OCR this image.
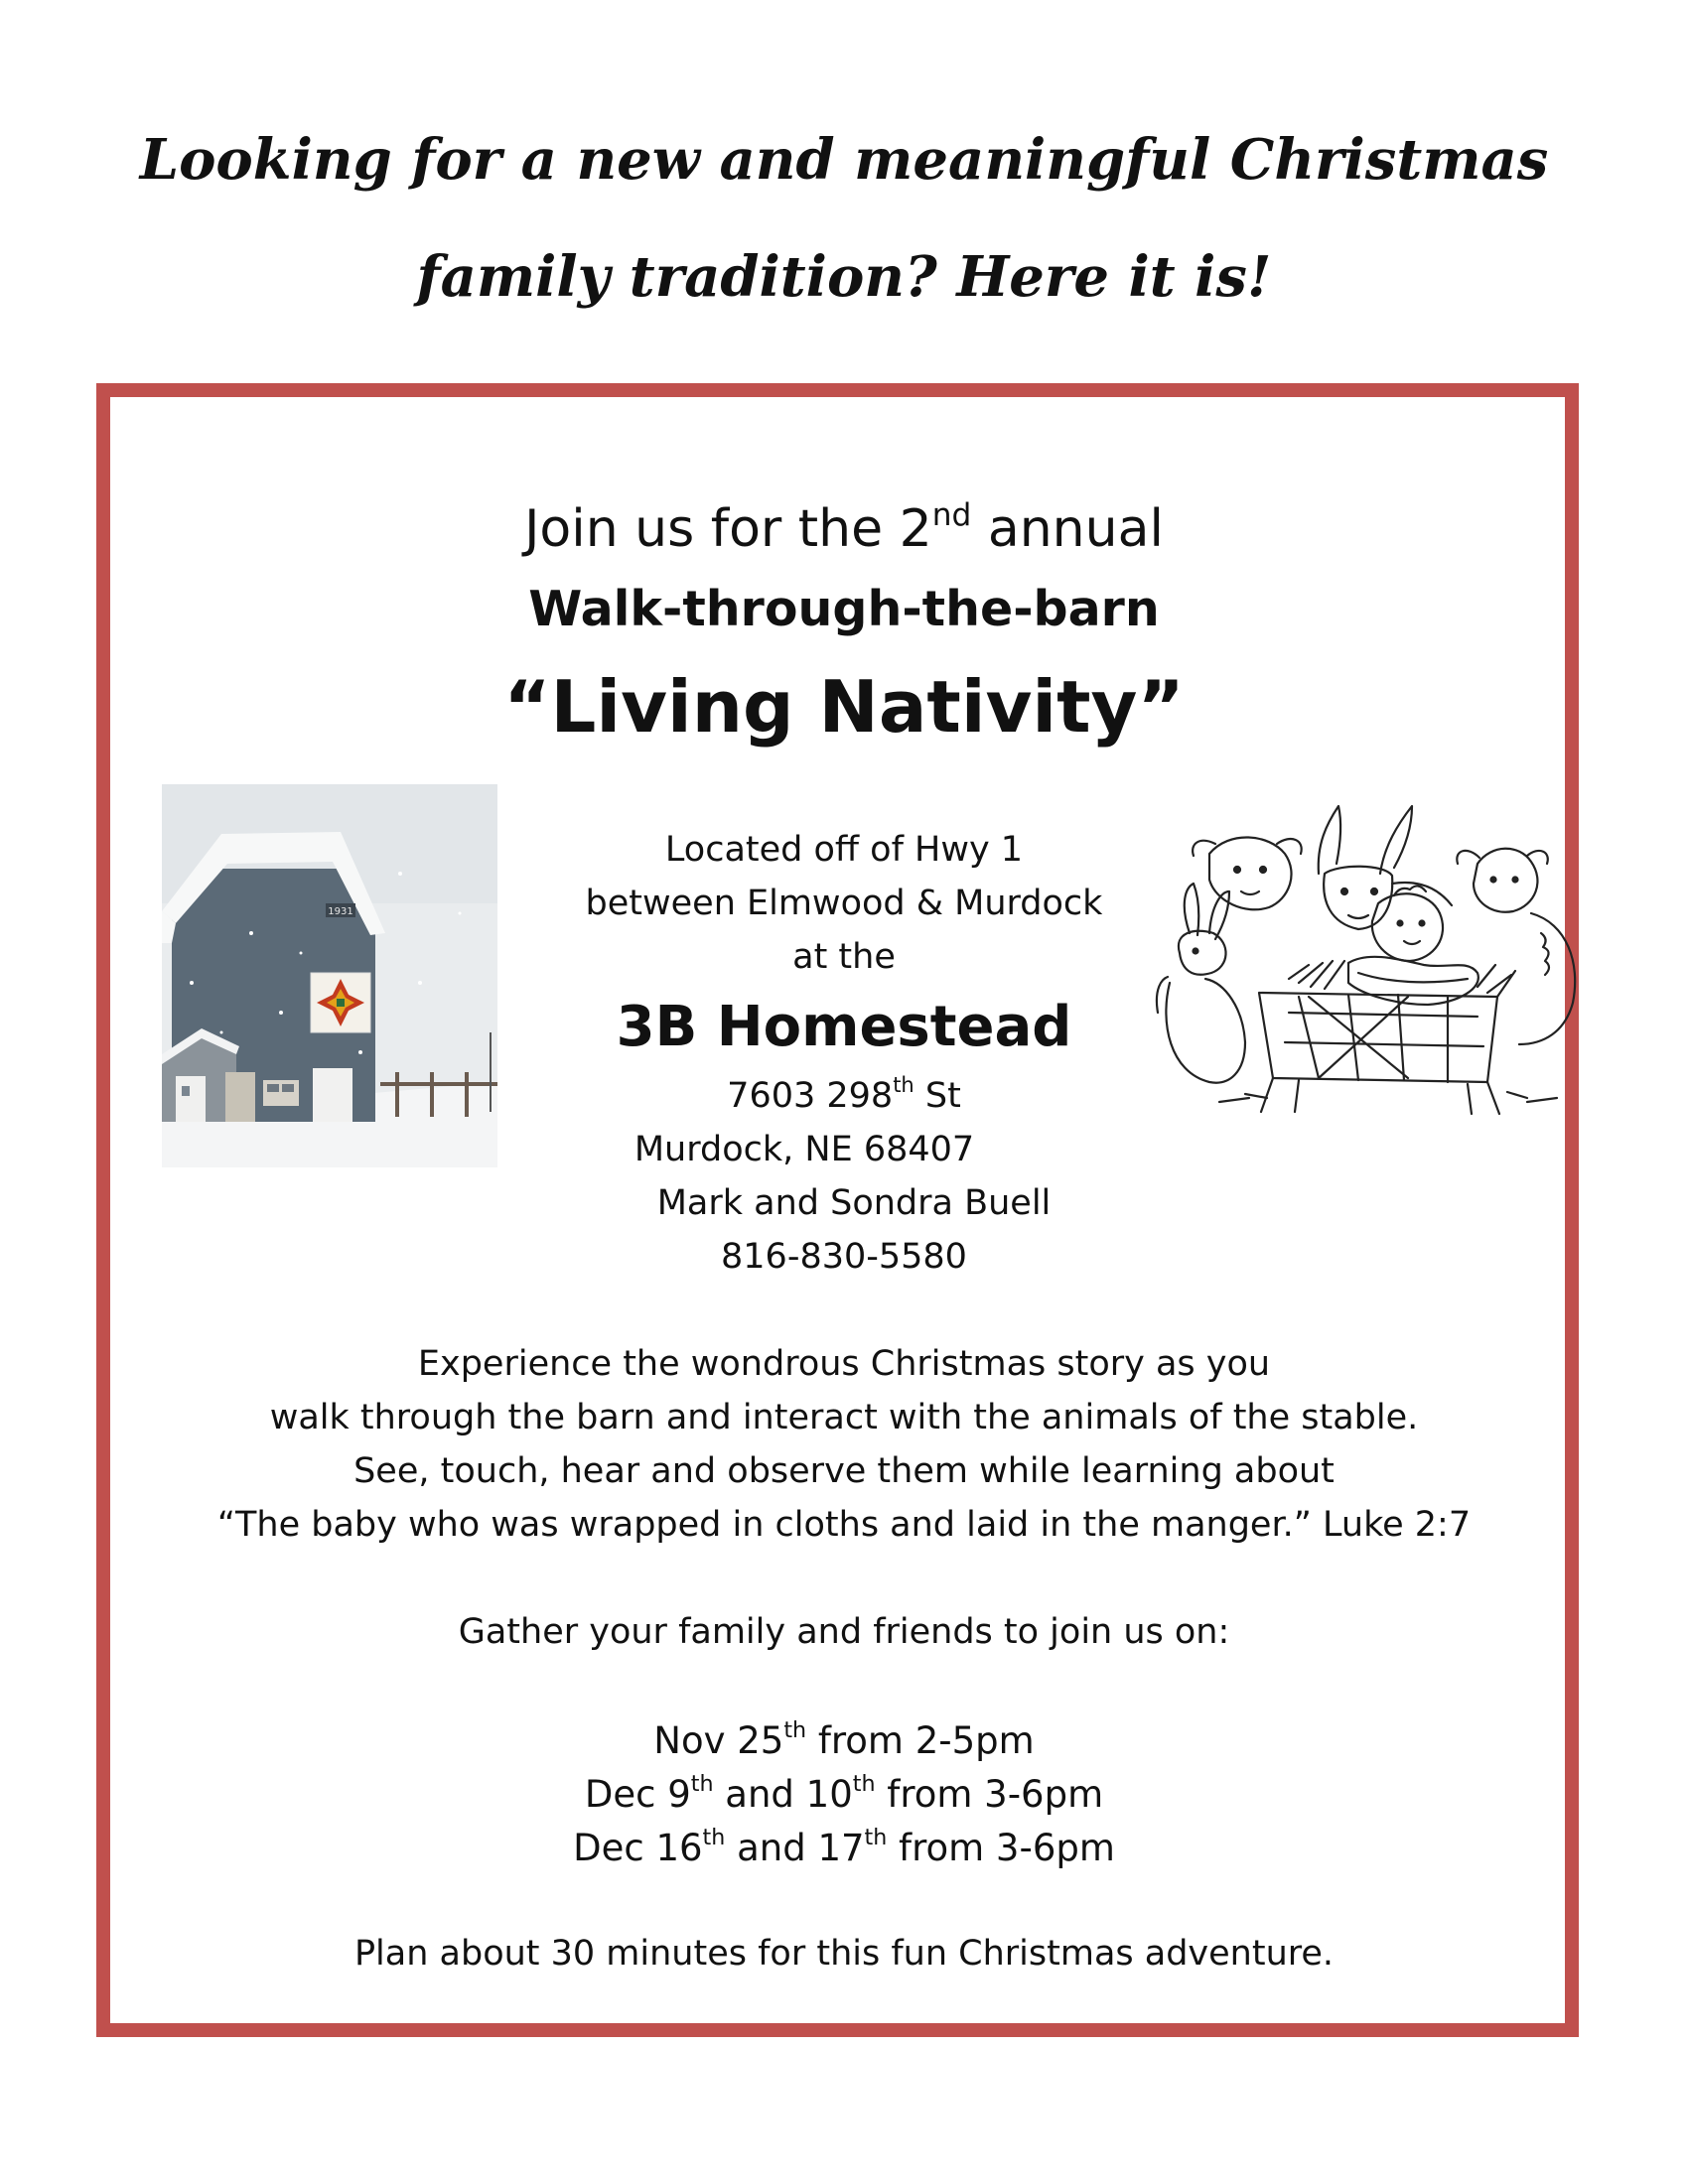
Looking for a new and meaningful Christmas

family tradition? Here it is!

Join us for the 2nd annual

Walk-through-the-barn

“Living Nativity”

1931

Located off of Hwy 1

between Elmwood & Murdock

at the

3B Homestead

7603 298th St

Murdock, NE 68407

Mark and Sondra Buell

816-830-5580

Experience the wondrous Christmas story as you

walk through the barn and interact with the animals of the stable.

See, touch, hear and observe them while learning about

“The baby who was wrapped in cloths and laid in the manger.” Luke 2:7

Gather your family and friends to join us on:

Nov 25th from 2-5pm

Dec 9th and 10th from 3-6pm

Dec 16th and 17th from 3-6pm

Plan about 30 minutes for this fun Christmas adventure.
